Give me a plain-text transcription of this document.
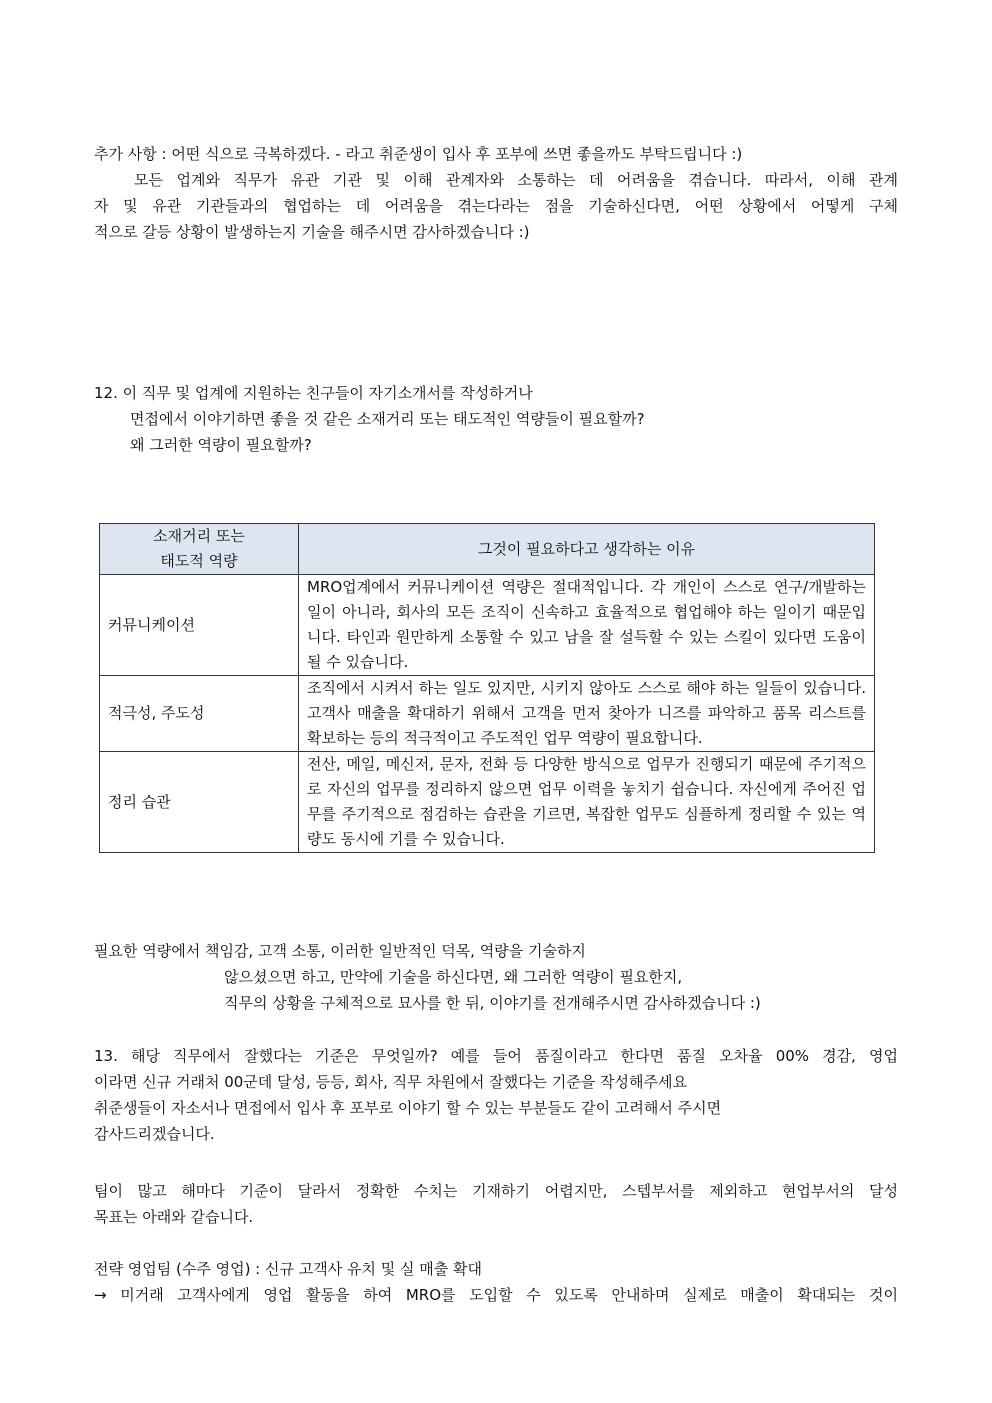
추가 사항 : 어떤 식으로 극복하겠다. - 라고 취준생이 입사 후 포부에 쓰면 좋을까도 부탁드립니다 :)

모든 업계와 직무가 유관 기관 및 이해 관계자와 소통하는 데 어려움을 겪습니다. 따라서, 이해 관계

자 및 유관 기관들과의 협업하는 데 어려움을 겪는다라는 점을 기술하신다면, 어떤 상황에서 어떻게 구체

적으로 갈등 상황이 발생하는지 기술을 해주시면 감사하겠습니다 :)

12. 이 직무 및 업계에 지원하는 친구들이 자기소개서를 작성하거나

면접에서 이야기하면 좋을 것 같은 소재거리 또는 태도적인 역량들이 필요할까?

왜 그러한 역량이 필요할까?

소재거리 또는
태도적 역량	그것이 필요하다고 생각하는 이유
커뮤니케이션	MRO업계에서 커뮤니케이션 역량은 절대적입니다. 각 개인이 스스로 연구/개발하는 일이 아니라, 회사의 모든 조직이 신속하고 효율적으로 협업해야 하는 일이기 때문입니다. 타인과 원만하게 소통할 수 있고 남을 잘 설득할 수 있는 스킬이 있다면 도움이 될 수 있습니다.
적극성, 주도성	조직에서 시켜서 하는 일도 있지만, 시키지 않아도 스스로 해야 하는 일들이 있습니다. 고객사 매출을 확대하기 위해서 고객을 먼저 찾아가 니즈를 파악하고 품목 리스트를 확보하는 등의 적극적이고 주도적인 업무 역량이 필요합니다.
정리 습관	전산, 메일, 메신저, 문자, 전화 등 다양한 방식으로 업무가 진행되기 때문에 주기적으로 자신의 업무를 정리하지 않으면 업무 이력을 놓치기 쉽습니다. 자신에게 주어진 업무를 주기적으로 점검하는 습관을 기르면, 복잡한 업무도 심플하게 정리할 수 있는 역량도 동시에 기를 수 있습니다.

필요한 역량에서 책임감, 고객 소통, 이러한 일반적인 덕목, 역량을 기술하지

않으셨으면 하고, 만약에 기술을 하신다면, 왜 그러한 역량이 필요한지,

직무의 상황을 구체적으로 묘사를 한 뒤, 이야기를 전개해주시면 감사하겠습니다 :)

13. 해당 직무에서 잘했다는 기준은 무엇일까? 예를 들어 품질이라고 한다면 품질 오차율 00% 경감, 영업

이라면 신규 거래처 00군데 달성, 등등, 회사, 직무 차원에서 잘했다는 기준을 작성해주세요

취준생들이 자소서나 면접에서 입사 후 포부로 이야기 할 수 있는 부분들도 같이 고려해서 주시면

감사드리겠습니다.

팀이 많고 해마다 기준이 달라서 정확한 수치는 기재하기 어렵지만, 스텝부서를 제외하고 현업부서의 달성

목표는 아래와 같습니다.

전략 영업팀 (수주 영업) : 신규 고객사 유치 및 실 매출 확대

→ 미거래 고객사에게 영업 활동을 하여 MRO를 도입할 수 있도록 안내하며 실제로 매출이 확대되는 것이
